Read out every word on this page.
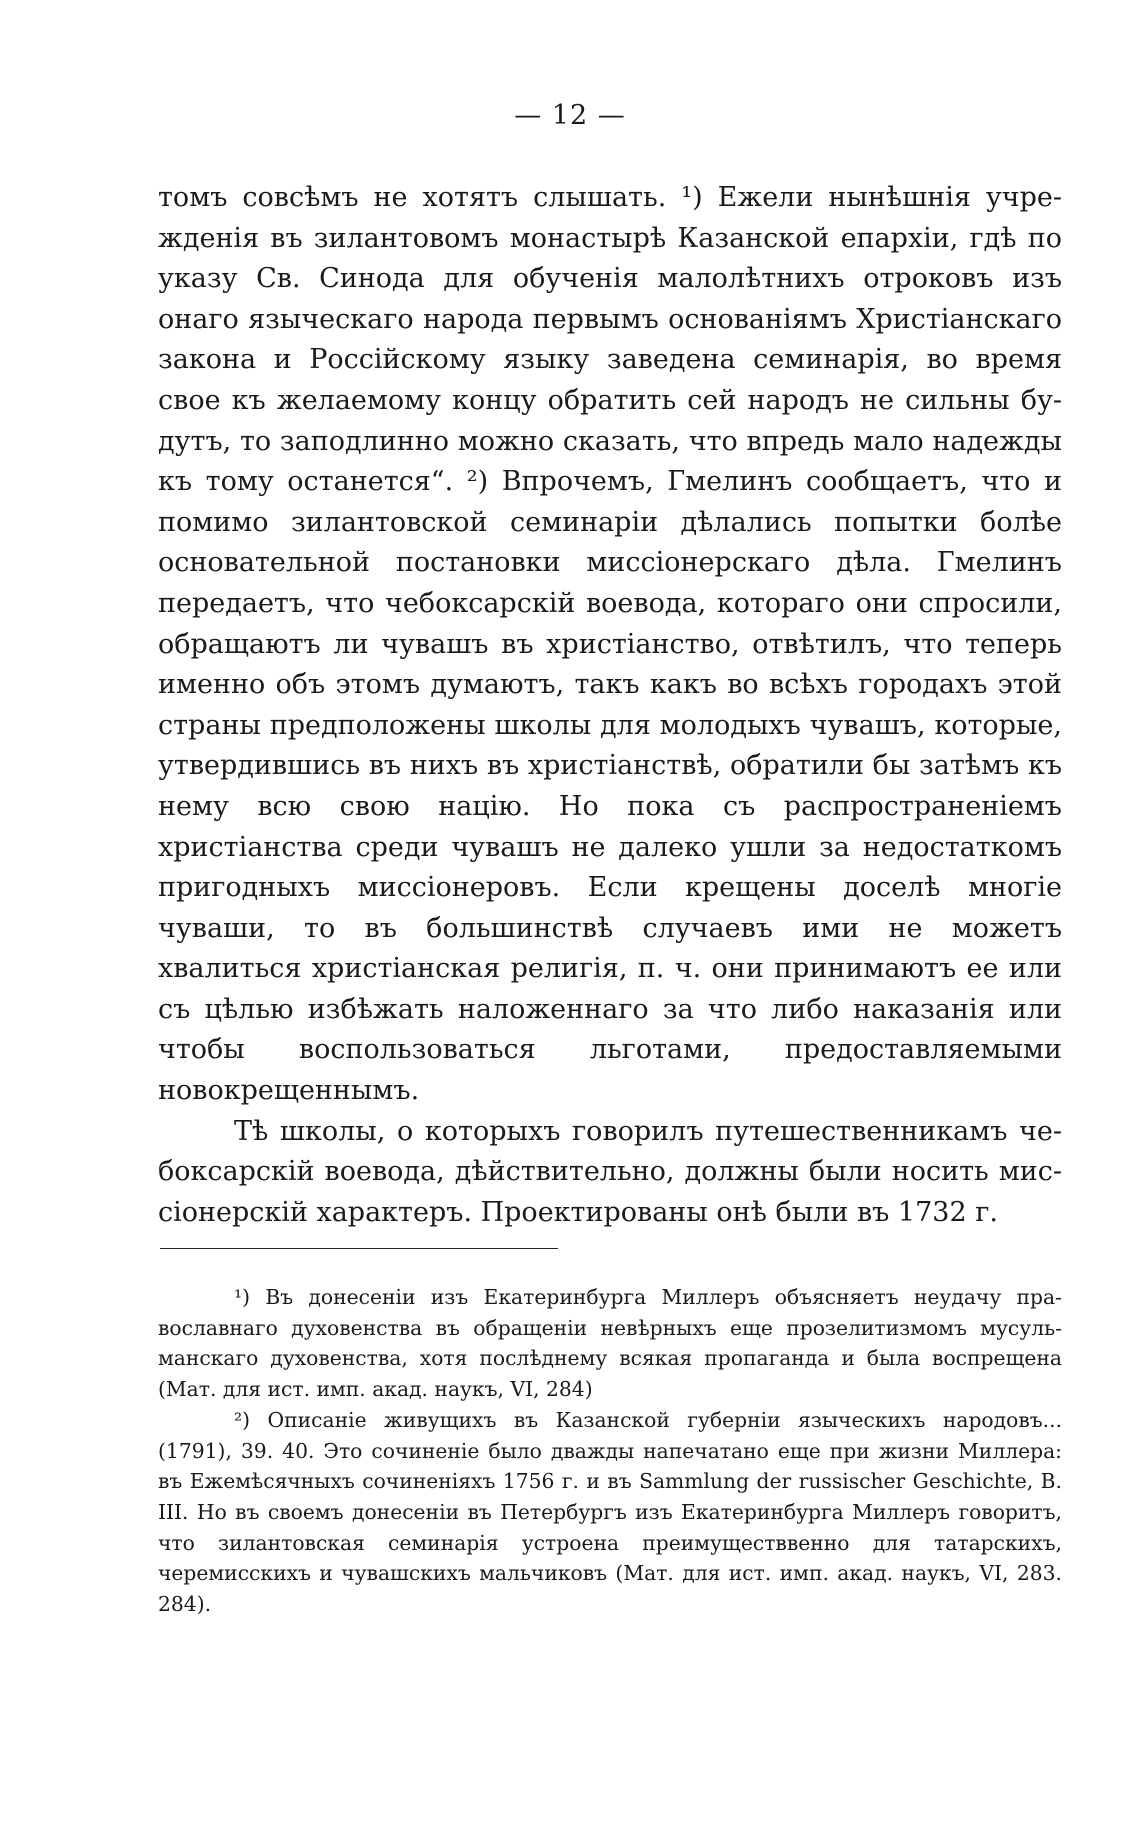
— 12 —

томъ совсѣмъ не хотятъ слышать. ¹) Ежели нынѣшнія учрежденія въ зилантовомъ монастырѣ Казанской епархіи, гдѣ по указу Св. Синода для обученія малолѣтнихъ отроковъ изъ онаго языческаго народа первымъ основаніямъ Христіанскаго закона и Россійскому языку заведена семинарія, во время свое къ желаемому концу обратить сей народъ не сильны будутъ, то заподлинно можно сказать, что впредь мало надежды къ тому останется“. ²) Впрочемъ, Гмелинъ сообщаетъ, что и помимо зилантовской семинаріи дѣлались попытки болѣе основательной постановки миссіонерскаго дѣла. Гмелинъ передаетъ, что чебоксарскій воевода, котораго они спросили, обращаютъ ли чувашъ въ христіанство, отвѣтилъ, что теперь именно объ этомъ думаютъ, такъ какъ во всѣхъ городахъ этой страны предположены школы для молодыхъ чувашъ, которые, утвердившись въ нихъ въ христіанствѣ, обратили бы затѣмъ къ нему всю свою націю. Но пока съ распространеніемъ христіанства среди чувашъ не далеко ушли за недостаткомъ пригодныхъ миссіонеровъ. Если крещены доселѣ многіе чуваши, то въ большинствѣ случаевъ ими не можетъ хвалиться христіанская религія, п. ч. они принимаютъ ее или съ цѣлью избѣжать наложеннаго за что либо наказанія или чтобы воспользоваться льготами, предоставляемыми новокрещеннымъ.

Тѣ школы, о которыхъ говорилъ путешественникамъ чебоксарскій воевода, дѣйствительно, должны были носить миссіонерскій характеръ. Проектированы онѣ были въ 1732 г.

¹) Въ донесеніи изъ Екатеринбурга Миллеръ объясняетъ неудачу православнаго духовенства въ обращеніи невѣрныхъ еще прозелитизмомъ мусульманскаго духовенства, хотя послѣднему всякая пропаганда и была воспрещена (Мат. для ист. имп. акад. наукъ, VI, 284)

²) Описаніе живущихъ въ Казанской губерніи языческихъ народовъ... (1791), 39. 40. Это сочиненіе было дважды напечатано еще при жизни Миллера: въ Ежемѣсячныхъ сочиненіяхъ 1756 г. и въ Sammlung der russischer Geschichte, B. III. Но въ своемъ донесеніи въ Петербургъ изъ Екатеринбурга Миллеръ говоритъ, что зилантовская семинарія устроена преимуществвенно для татарскихъ, черемисскихъ и чувашскихъ мальчиковъ (Мат. для ист. имп. акад. наукъ, VI, 283. 284).
